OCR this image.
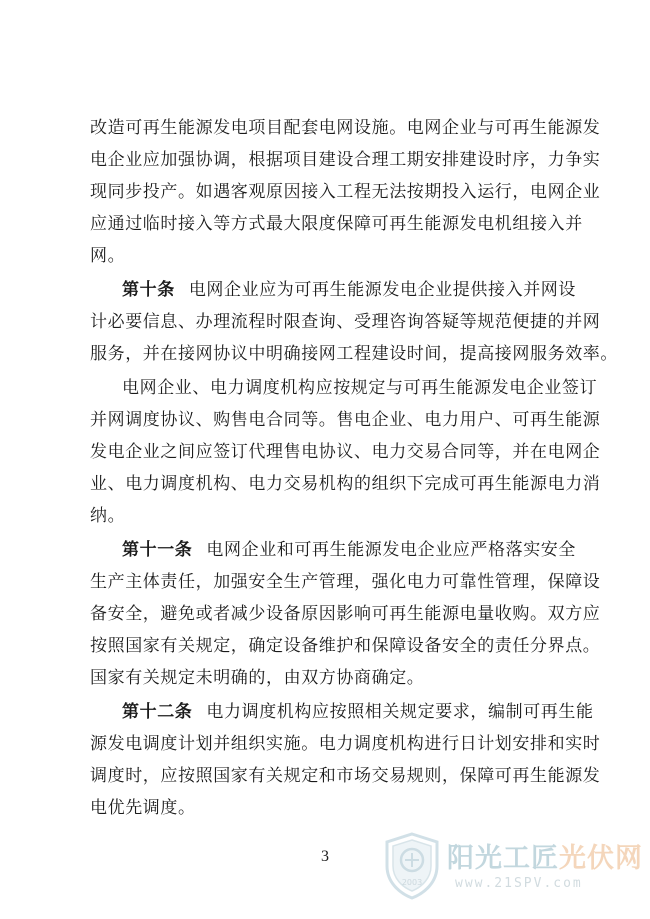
改造可再生能源发电项目配套电网设施。电网企业与可再生能源发
电企业应加强协调，根据项目建设合理工期安排建设时序，力争实
现同步投产。如遇客观原因接入工程无法按期投入运行，电网企业
应通过临时接入等方式最大限度保障可再生能源发电机组接入并
网。
第十条 电网企业应为可再生能源发电企业提供接入并网设
计必要信息、办理流程时限查询、受理咨询答疑等规范便捷的并网
服务，并在接网协议中明确接网工程建设时间，提高接网服务效率。
电网企业、电力调度机构应按规定与可再生能源发电企业签订
并网调度协议、购售电合同等。售电企业、电力用户、可再生能源
发电企业之间应签订代理售电协议、电力交易合同等，并在电网企
业、电力调度机构、电力交易机构的组织下完成可再生能源电力消
纳。
第十一条 电网企业和可再生能源发电企业应严格落实安全
生产主体责任，加强安全生产管理，强化电力可靠性管理，保障设
备安全，避免或者减少设备原因影响可再生能源电量收购。双方应
按照国家有关规定，确定设备维护和保障设备安全的责任分界点。
国家有关规定未明确的，由双方协商确定。
第十二条 电力调度机构应按照相关规定要求，编制可再生能
源发电调度计划并组织实施。电力调度机构进行日计划安排和实时
调度时，应按照国家有关规定和市场交易规则，保障可再生能源发
电优先调度。
3
2003
阳光工匠光伏网
www.21SPV.com
